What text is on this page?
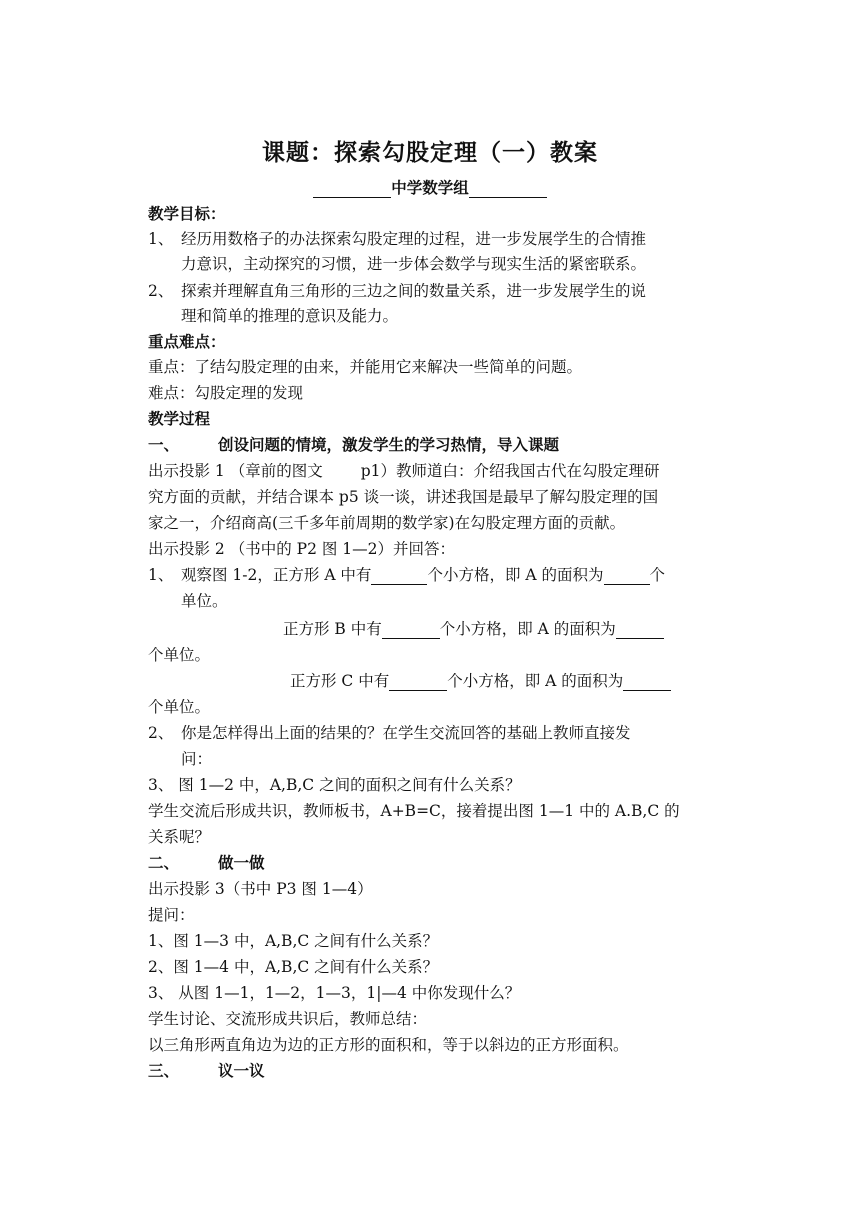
课题：探索勾股定理（一）教案
中学数学组
教学目标：
1、 经历用数格子的办法探索勾股定理的过程，进一步发展学生的合情推
力意识，主动探究的习惯，进一步体会数学与现实生活的紧密联系。
2、 探索并理解直角三角形的三边之间的数量关系，进一步发展学生的说
理和简单的推理的意识及能力。
重点难点：
重点：了结勾股定理的由来，并能用它来解决一些简单的问题。
难点：勾股定理的发现
教学过程
一、	创设问题的情境，激发学生的学习热情，导入课题
出示投影 1 （章前的图文 p1）教师道白：介绍我国古代在勾股定理研
究方面的贡献，并结合课本 p5 谈一谈，讲述我国是最早了解勾股定理的国
家之一，介绍商高(三千多年前周期的数学家)在勾股定理方面的贡献。
出示投影 2 （书中的 P2 图 1—2）并回答：
1、 观察图 1-2，正方形 A 中有	个小方格，即 A 的面积为	个
单位。
正方形 B 中有	个小方格，即 A 的面积为
个单位。
正方形 C 中有	个小方格，即 A 的面积为
个单位。
2、 你是怎样得出上面的结果的？在学生交流回答的基础上教师直接发
问：
3、 图 1—2 中，A,B,C 之间的面积之间有什么关系？
学生交流后形成共识，教师板书，A+B=C，接着提出图 1—1 中的 A.B,C 的
关系呢？
二、	做一做
出示投影 3（书中 P3 图 1—4）
提问：
1、图 1—3 中，A,B,C 之间有什么关系？
2、图 1—4 中，A,B,C 之间有什么关系？
3、 从图 1—1，1—2，1—3，1|—4 中你发现什么？
学生讨论、交流形成共识后，教师总结：
以三角形两直角边为边的正方形的面积和，等于以斜边的正方形面积。
三、	议一议
